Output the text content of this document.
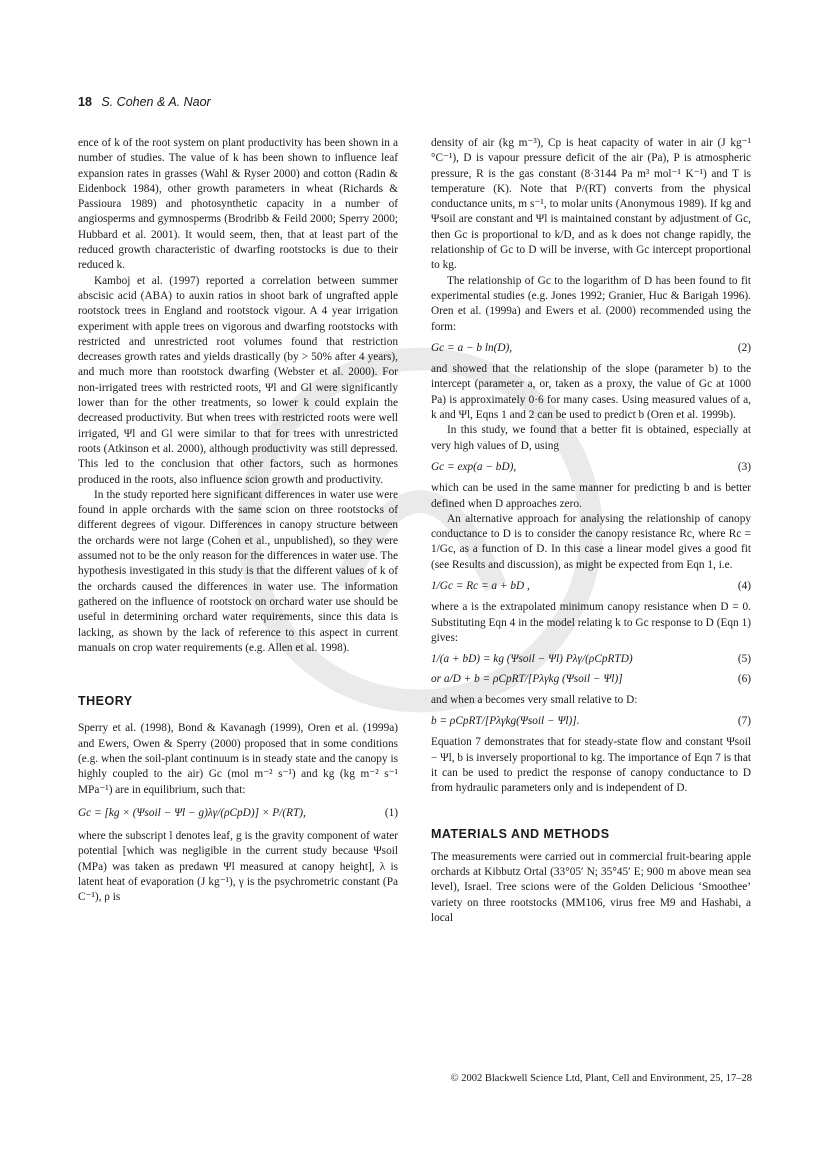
18 S. Cohen & A. Naor

ence of k of the root system on plant productivity has been shown in a number of studies. The value of k has been shown to influence leaf expansion rates in grasses (Wahl & Ryser 2000) and cotton (Radin & Eidenbock 1984), other growth parameters in wheat (Richards & Passioura 1989) and photosynthetic capacity in a number of angiosperms and gymnosperms (Brodribb & Feild 2000; Sperry 2000; Hubbard et al. 2001). It would seem, then, that at least part of the reduced growth characteristic of dwarfing rootstocks is due to their reduced k.

Kamboj et al. (1997) reported a correlation between summer abscisic acid (ABA) to auxin ratios in shoot bark of ungrafted apple rootstock trees in England and rootstock vigour. A 4 year irrigation experiment with apple trees on vigorous and dwarfing rootstocks with restricted and unrestricted root volumes found that restriction decreases growth rates and yields drastically (by > 50% after 4 years), and much more than rootstock dwarfing (Webster et al. 2000). For non-irrigated trees with restricted roots, Ψl and Gl were significantly lower than for the other treatments, so lower k could explain the decreased productivity. But when trees with restricted roots were well irrigated, Ψl and Gl were similar to that for trees with unrestricted roots (Atkinson et al. 2000), although productivity was still depressed. This led to the conclusion that other factors, such as hormones produced in the roots, also influence scion growth and productivity.

In the study reported here significant differences in water use were found in apple orchards with the same scion on three rootstocks of different degrees of vigour. Differences in canopy structure between the orchards were not large (Cohen et al., unpublished), so they were assumed not to be the only reason for the differences in water use. The hypothesis investigated in this study is that the different values of k of the orchards caused the differences in water use. The information gathered on the influence of rootstock on orchard water use should be useful in determining orchard water requirements, since this data is lacking, as shown by the lack of reference to this aspect in current manuals on crop water requirements (e.g. Allen et al. 1998).

THEORY

Sperry et al. (1998), Bond & Kavanagh (1999), Oren et al. (1999a) and Ewers, Owen & Sperry (2000) proposed that in some conditions (e.g. when the soil-plant continuum is in steady state and the canopy is highly coupled to the air) Gc (mol m⁻² s⁻¹) and kg (kg m⁻² s⁻¹ MPa⁻¹) are in equilibrium, such that:

Gc = [kg × (Ψsoil − Ψl − g)λγ/(ρCpD)] × P/(RT),	(1)

where the subscript l denotes leaf, g is the gravity component of water potential [which was negligible in the current study because Ψsoil (MPa) was taken as predawn Ψl measured at canopy height], λ is latent heat of evaporation (J kg⁻¹), γ is the psychrometric constant (Pa C⁻¹), ρ is

density of air (kg m⁻³), Cp is heat capacity of water in air (J kg⁻¹ °C⁻¹), D is vapour pressure deficit of the air (Pa), P is atmospheric pressure, R is the gas constant (8·3144 Pa m³ mol⁻¹ K⁻¹) and T is temperature (K). Note that P/(RT) converts from the physical conductance units, m s⁻¹, to molar units (Anonymous 1989). If kg and Ψsoil are constant and Ψl is maintained constant by adjustment of Gc, then Gc is proportional to k/D, and as k does not change rapidly, the relationship of Gc to D will be inverse, with Gc intercept proportional to kg.

The relationship of Gc to the logarithm of D has been found to fit experimental studies (e.g. Jones 1992; Granier, Huc & Barigah 1996). Oren et al. (1999a) and Ewers et al. (2000) recommended using the form:

Gc = a − b ln(D),	(2)

and showed that the relationship of the slope (parameter b) to the intercept (parameter a, or, taken as a proxy, the value of Gc at 1000 Pa) is approximately 0·6 for many cases. Using measured values of a, k and Ψl, Eqns 1 and 2 can be used to predict b (Oren et al. 1999b).

In this study, we found that a better fit is obtained, especially at very high values of D, using

Gc = exp(a − bD),	(3)

which can be used in the same manner for predicting b and is better defined when D approaches zero.

An alternative approach for analysing the relationship of canopy conductance to D is to consider the canopy resistance Rc, where Rc = 1/Gc, as a function of D. In this case a linear model gives a good fit (see Results and discussion), as might be expected from Eqn 1, i.e.

1/Gc = Rc = a + bD ,	(4)

where a is the extrapolated minimum canopy resistance when D = 0. Substituting Eqn 4 in the model relating k to Gc response to D (Eqn 1) gives:

1/(a + bD) = kg (Ψsoil − Ψl) Pλγ/(ρCpRTD)	(5)
or a/D + b = ρCpRT/[Pλγkg (Ψsoil − Ψl)]	(6)

and when a becomes very small relative to D:

b = ρCpRT/[Pλγkg(Ψsoil − Ψl)].	(7)

Equation 7 demonstrates that for steady-state flow and constant Ψsoil − Ψl, b is inversely proportional to kg. The importance of Eqn 7 is that it can be used to predict the response of canopy conductance to D from hydraulic parameters only and is independent of D.

MATERIALS AND METHODS

The measurements were carried out in commercial fruit-bearing apple orchards at Kibbutz Ortal (33°05′ N; 35°45′ E; 900 m above mean sea level), Israel. Tree scions were of the Golden Delicious ‘Smoothee’ variety on three rootstocks (MM106, virus free M9 and Hashabi, a local

© 2002 Blackwell Science Ltd, Plant, Cell and Environment, 25, 17–28
